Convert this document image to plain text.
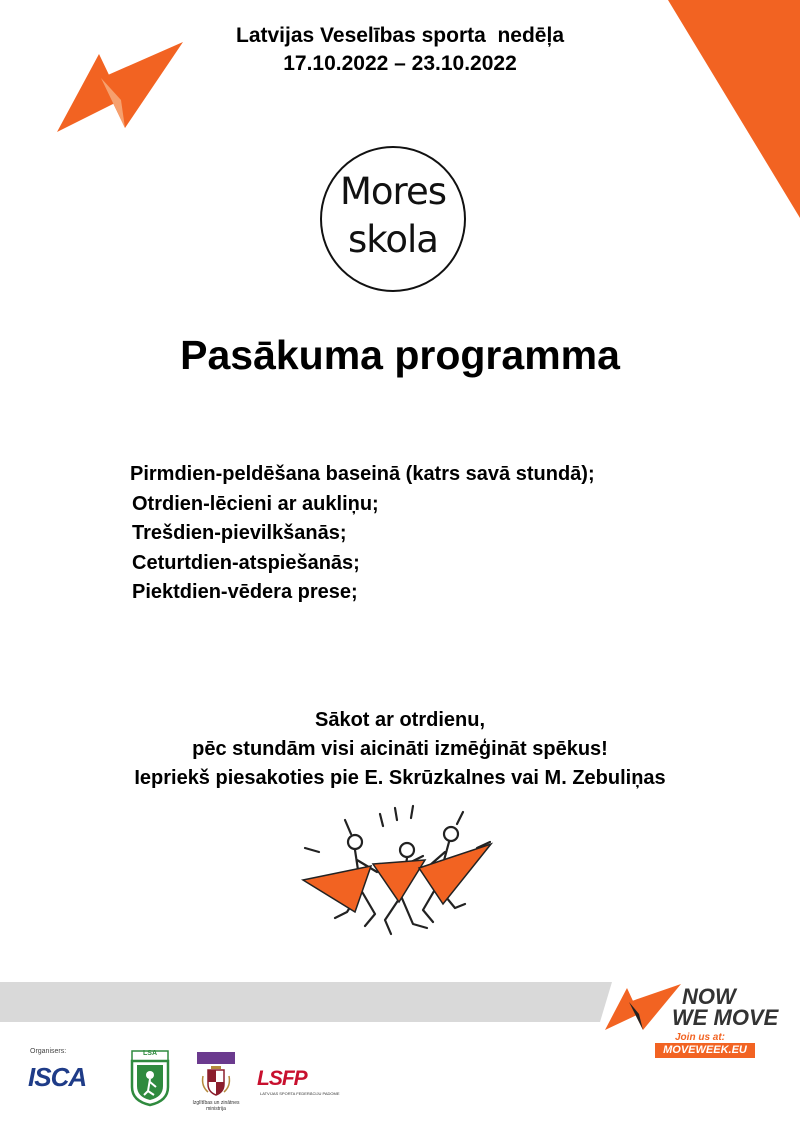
Latvijas Veselības sporta  nedēļa
17.10.2022 – 23.10.2022
Mores
skola
Pasākuma programma
Pirmdien-peldēšana baseinā (katrs savā stundā);
Otrdien-lēcieni ar aukliņu;
Trešdien-pievilkšanās;
Ceturtdien-atspiešanās;
Piektdien-vēdera prese;
Sākot ar otrdienu,
pēc stundām visi aicināti izmēģināt spēkus!
Iepriekš piesakoties pie E. Skrūzkalnes vai M. Zebuliņas
NOW
WE MOVE
Join us at:
MOVEWEEK.EU
Organisers:
ISCA
LSA
Izglītības un zinātnes
ministrija
LSFP
LATVIJAS SPORTA FEDERĀCIJU PADOME
